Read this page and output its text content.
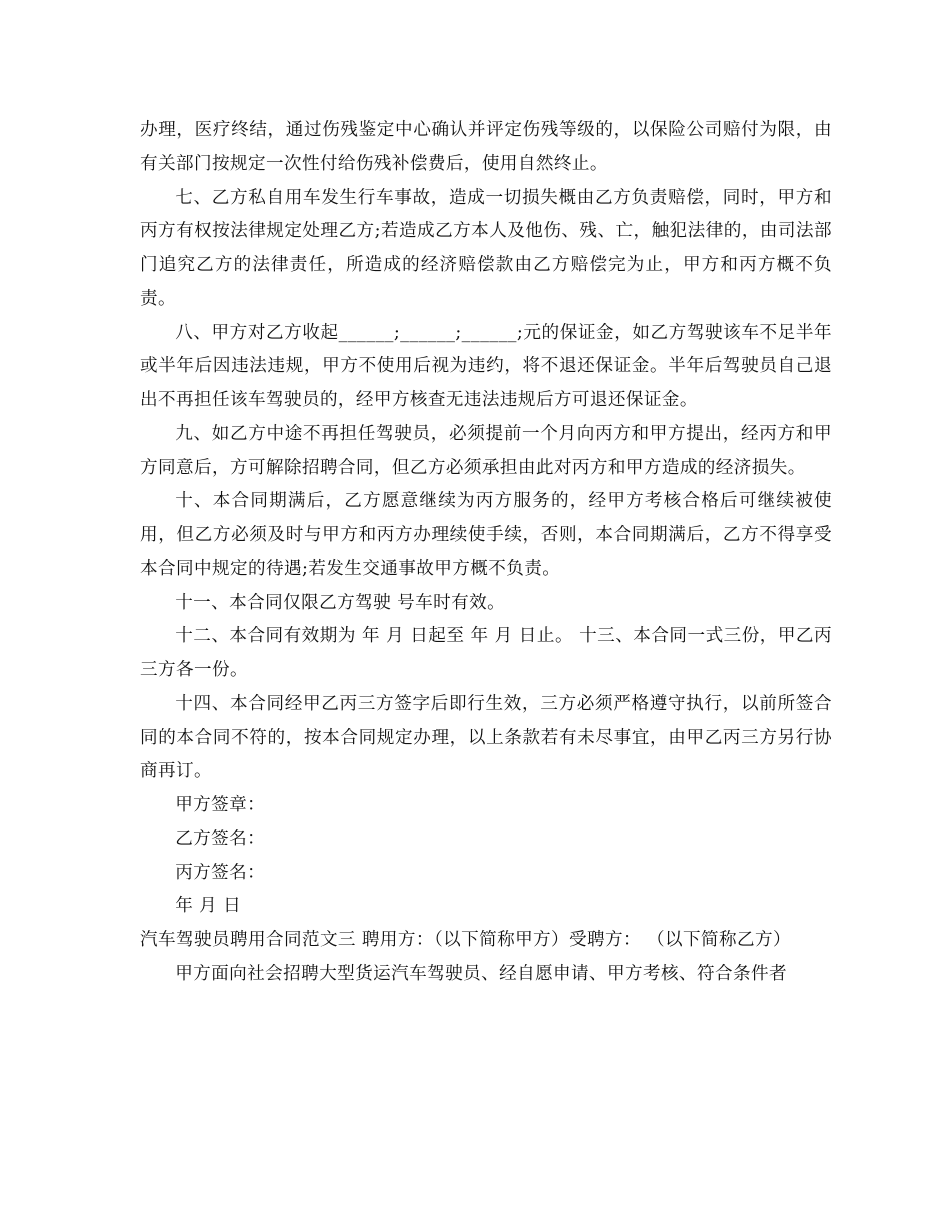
办理，医疗终结，通过伤残鉴定中心确认并评定伤残等级的，以保险公司赔付为限，由有关部门按规定一次性付给伤残补偿费后，使用自然终止。

七、乙方私自用车发生行车事故，造成一切损失概由乙方负责赔偿，同时，甲方和丙方有权按法律规定处理乙方;若造成乙方本人及他伤、残、亡，触犯法律的，由司法部门追究乙方的法律责任，所造成的经济赔偿款由乙方赔偿完为止，甲方和丙方概不负责。

八、甲方对乙方收起______;______;______;元的保证金，如乙方驾驶该车不足半年或半年后因违法违规，甲方不使用后视为违约，将不退还保证金。半年后驾驶员自己退出不再担任该车驾驶员的，经甲方核查无违法违规后方可退还保证金。

九、如乙方中途不再担任驾驶员，必须提前一个月向丙方和甲方提出，经丙方和甲方同意后，方可解除招聘合同，但乙方必须承担由此对丙方和甲方造成的经济损失。

十、本合同期满后，乙方愿意继续为丙方服务的，经甲方考核合格后可继续被使用，但乙方必须及时与甲方和丙方办理续使手续，否则，本合同期满后，乙方不得享受本合同中规定的待遇;若发生交通事故甲方概不负责。

十一、本合同仅限乙方驾驶 号车时有效。

十二、本合同有效期为 年 月 日起至 年 月 日止。 十三、本合同一式三份，甲乙丙三方各一份。

十四、本合同经甲乙丙三方签字后即行生效，三方必须严格遵守执行，以前所签合同的本合同不符的，按本合同规定办理，以上条款若有未尽事宜，由甲乙丙三方另行协商再订。

甲方签章：

乙方签名：

丙方签名：

年 月 日

汽车驾驶员聘用合同范文三 聘用方：（以下简称甲方）受聘方： （以下简称乙方）

甲方面向社会招聘大型货运汽车驾驶员、经自愿申请、甲方考核、符合条件者
